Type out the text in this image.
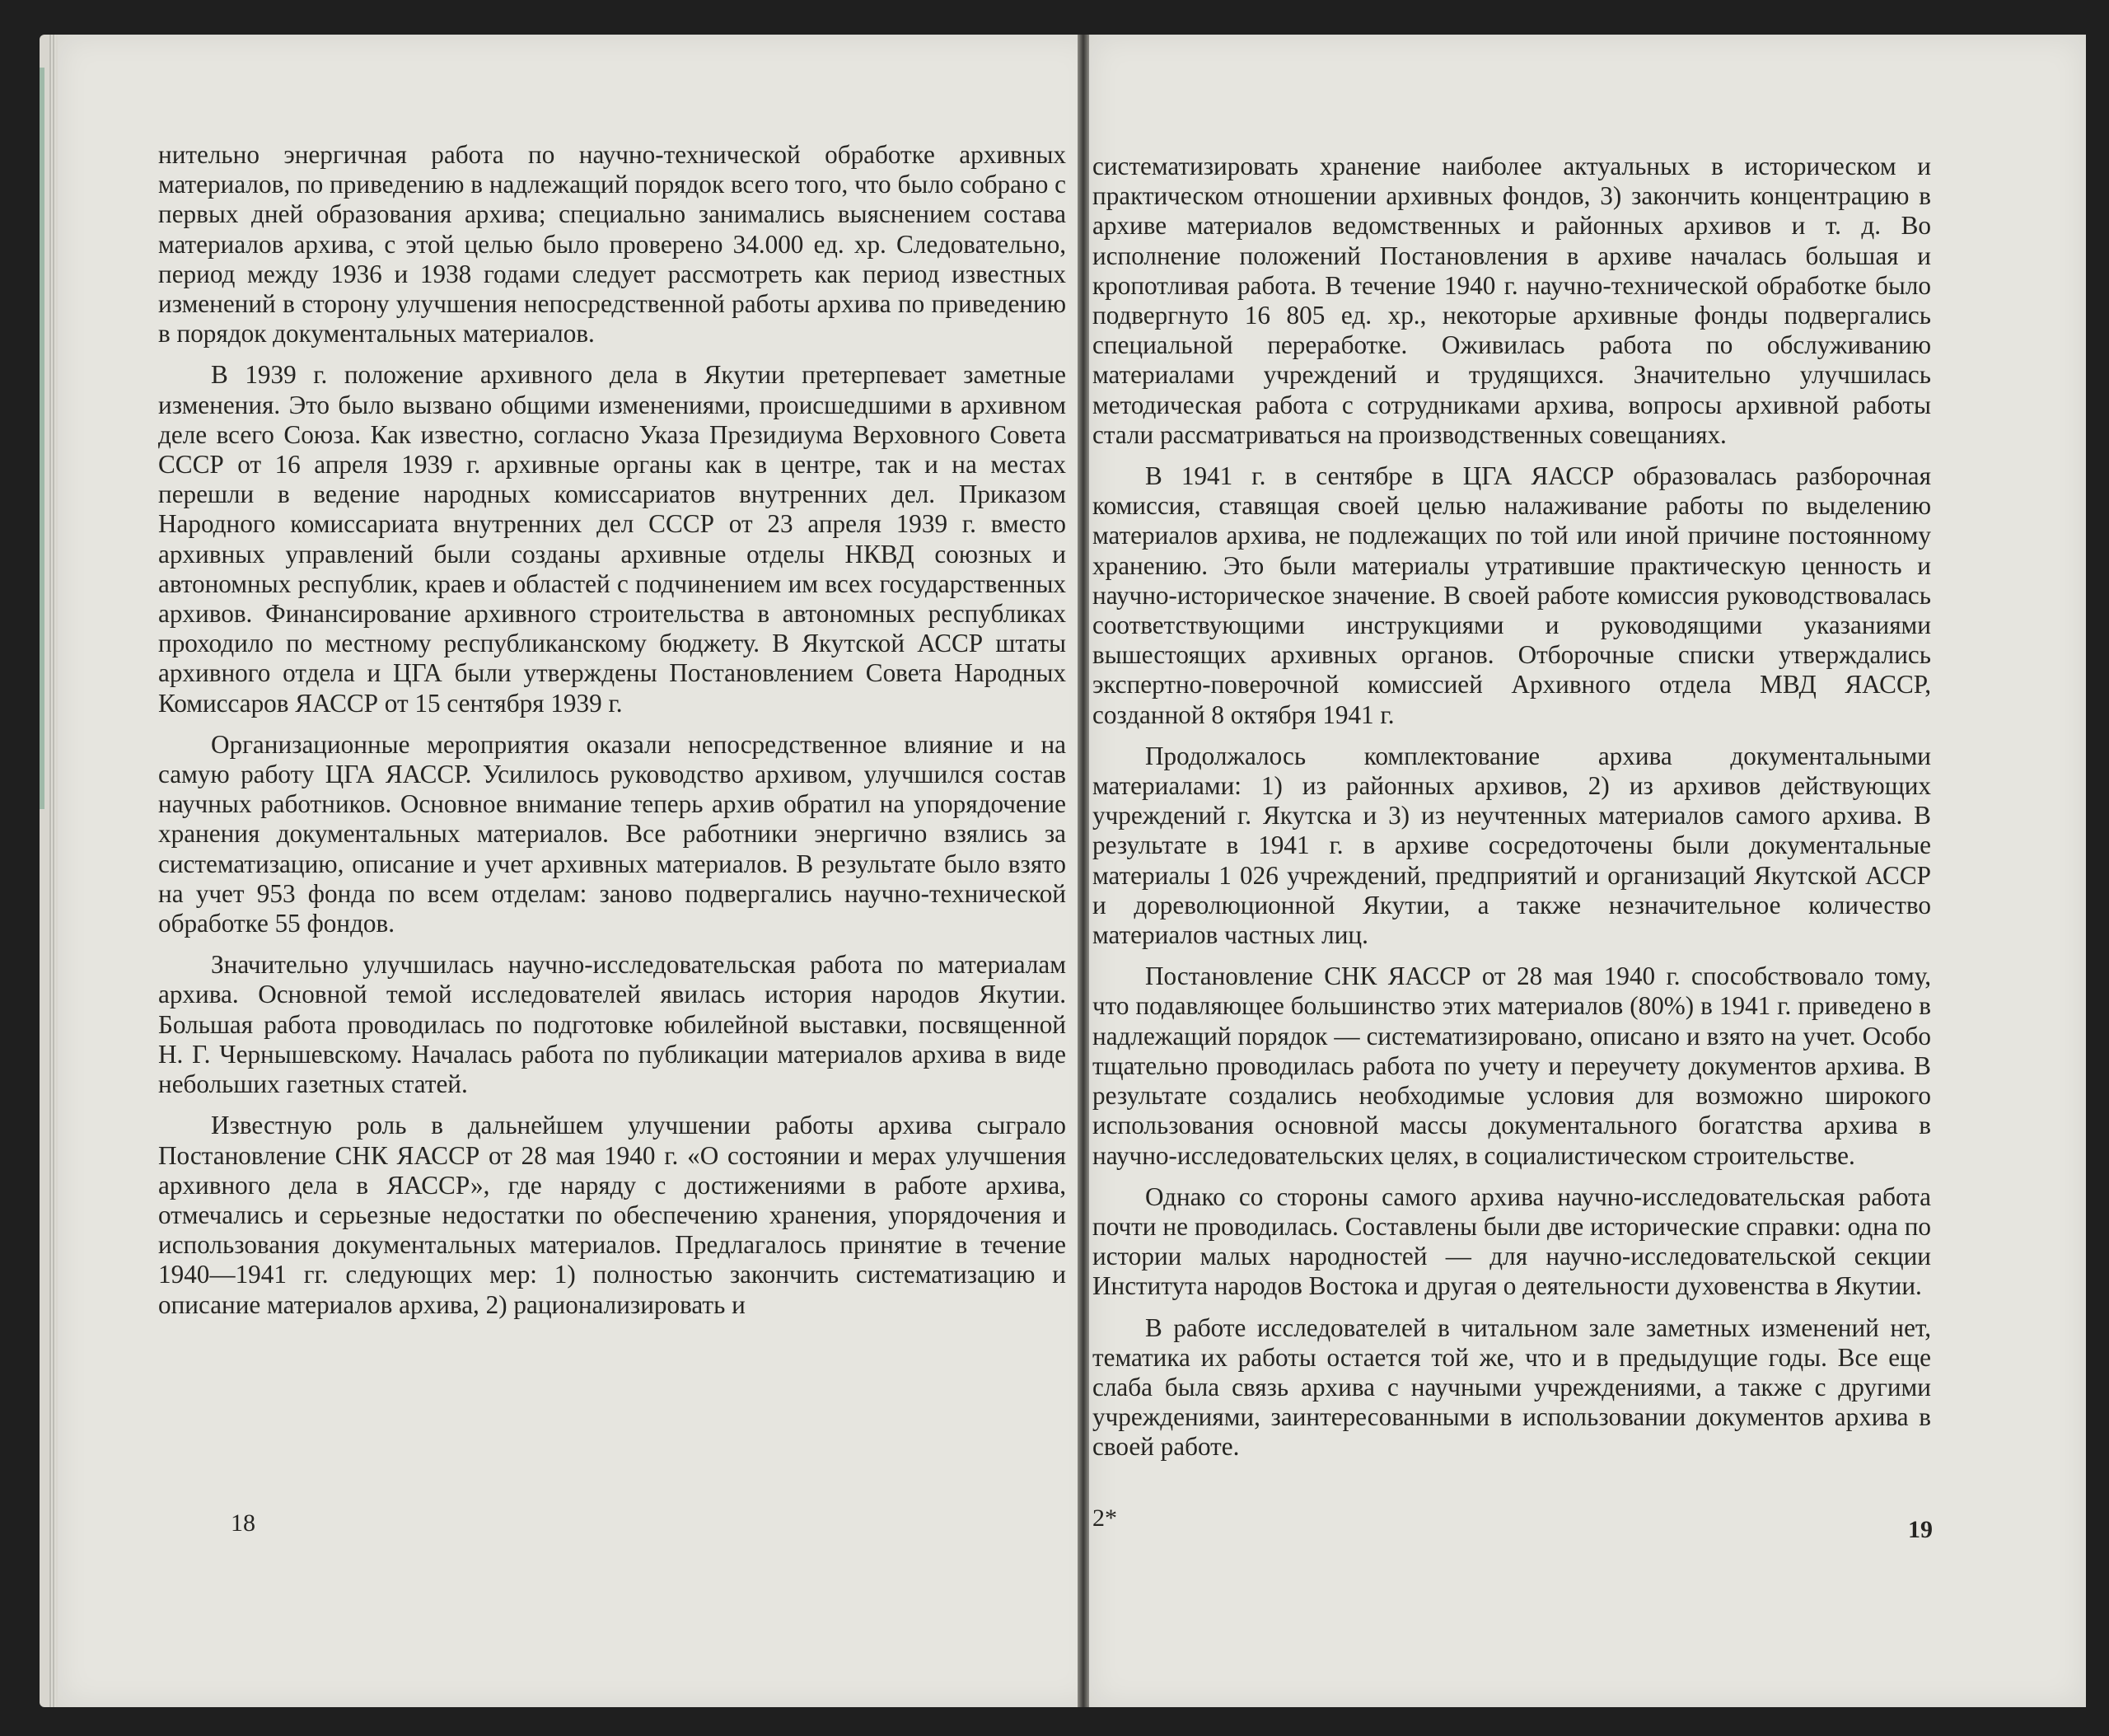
нительно энергичная работа по научно-технической обработке архивных материалов, по приведению в надлежащий порядок всего того, что было собрано с первых дней образования архива; специально занимались выяснением состава материалов архива, с этой целью было проверено 34.000 ед. хр. Следовательно, период между 1936 и 1938 годами следует рассмотреть как период известных изменений в сторону улучшения непосредственной работы архива по приведению в порядок документальных материалов.

В 1939 г. положение архивного дела в Якутии претерпевает заметные изменения. Это было вызвано общими изменениями, происшедшими в архивном деле всего Союза. Как известно, согласно Указа Президиума Верховного Совета СССР от 16 апреля 1939 г. архивные органы как в центре, так и на местах перешли в ведение народных комиссариатов внутренних дел. Приказом Народного комиссариата внутренних дел СССР от 23 апреля 1939 г. вместо архивных управлений были созданы архивные отделы НКВД союзных и автономных республик, краев и областей с подчинением им всех государственных архивов. Финансирование архивного строительства в автономных республиках проходило по местному республиканскому бюджету. В Якутской АССР штаты архивного отдела и ЦГА были утверждены Постановлением Совета Народных Комиссаров ЯАССР от 15 сентября 1939 г.

Организационные мероприятия оказали непосредственное влияние и на самую работу ЦГА ЯАССР. Усилилось руководство архивом, улучшился состав научных работников. Основное внимание теперь архив обратил на упорядочение хранения документальных материалов. Все работники энергично взялись за систематизацию, описание и учет архивных материалов. В результате было взято на учет 953 фонда по всем отделам: заново подвергались научно-технической обработке 55 фондов.

Значительно улучшилась научно-исследовательская работа по материалам архива. Основной темой исследователей явилась история народов Якутии. Большая работа проводилась по подготовке юбилейной выставки, посвященной Н. Г. Чернышевскому. Началась работа по публикации материалов архива в виде небольших газетных статей.

Известную роль в дальнейшем улучшении работы архива сыграло Постановление СНК ЯАССР от 28 мая 1940 г. «О состоянии и мерах улучшения архивного дела в ЯАССР», где наряду с достижениями в работе архива, отмечались и серьезные недостатки по обеспечению хранения, упорядочения и использования документальных материалов. Предлагалось принятие в течение 1940—1941 гг. следующих мер: 1) полностью закончить систематизацию и описание материалов архива, 2) рационализировать и

18

систематизировать хранение наиболее актуальных в историческом и практическом отношении архивных фондов, 3) закончить концентрацию в архиве материалов ведомственных и районных архивов и т. д. Во исполнение положений Постановления в архиве началась большая и кропотливая работа. В течение 1940 г. научно-технической обработке было подвергнуто 16 805 ед. хр., некоторые архивные фонды подвергались специальной переработке. Оживилась работа по обслуживанию материалами учреждений и трудящихся. Значительно улучшилась методическая работа с сотрудниками архива, вопросы архивной работы стали рассматриваться на производственных совещаниях.

В 1941 г. в сентябре в ЦГА ЯАССР образовалась разборочная комиссия, ставящая своей целью налаживание работы по выделению материалов архива, не подлежащих по той или иной причине постоянному хранению. Это были материалы утратившие практическую ценность и научно-историческое значение. В своей работе комиссия руководствовалась соответствующими инструкциями и руководящими указаниями вышестоящих архивных органов. Отборочные списки утверждались экспертно-поверочной комиссией Архивного отдела МВД ЯАССР, созданной 8 октября 1941 г.

Продолжалось комплектование архива документальными материалами: 1) из районных архивов, 2) из архивов действующих учреждений г. Якутска и 3) из неучтенных материалов самого архива. В результате в 1941 г. в архиве сосредоточены были документальные материалы 1 026 учреждений, предприятий и организаций Якутской АССР и дореволюционной Якутии, а также незначительное количество материалов частных лиц.

Постановление СНК ЯАССР от 28 мая 1940 г. способствовало тому, что подавляющее большинство этих материалов (80%) в 1941 г. приведено в надлежащий порядок — систематизировано, описано и взято на учет. Особо тщательно проводилась работа по учету и переучету документов архива. В результате создались необходимые условия для возможно широкого использования основной массы документального богатства архива в научно-исследовательских целях, в социалистическом строительстве.

Однако со стороны самого архива научно-исследовательская работа почти не проводилась. Составлены были две исторические справки: одна по истории малых народностей — для научно-исследовательской секции Института народов Востока и другая о деятельности духовенства в Якутии.

В работе исследователей в читальном зале заметных изменений нет, тематика их работы остается той же, что и в предыдущие годы. Все еще слаба была связь архива с научными учреждениями, а также с другими учреждениями, заинтересованными в использовании документов архива в своей работе.

2*	19
